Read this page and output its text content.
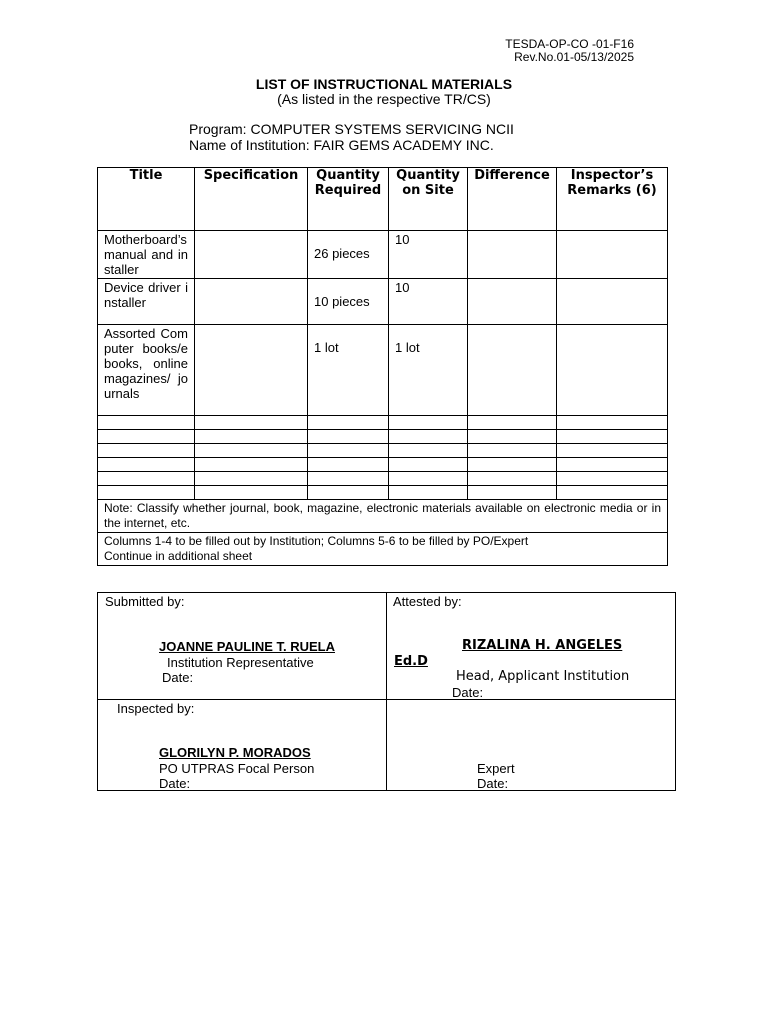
TESDA-OP-CO -01-F16
Rev.No.01-05/13/2025
LIST OF INSTRUCTIONAL MATERIALS
(As listed in the respective TR/CS)
Program: COMPUTER SYSTEMS SERVICING NCII
Name of Institution: FAIR GEMS ACADEMY INC.
Title	Specification	Quantity Required	Quantity on Site	Difference	Inspector’s Remarks (6)
Motherboard’s manual and installer		26 pieces	10		
Device driver installer		10 pieces	10		
Assorted Computer books/ebooks, online magazines/ journals		1 lot	1 lot		

Note: Classify whether journal, book, magazine, electronic materials available on electronic media or in the internet, etc.					

Columns 1-4 to be filled out by Institution; Columns 5-6 to be filled by PO/Expert
Continue in additional sheet					
Submitted by:
JOANNE PAULINE T. RUELA
Institution Representative
Date:	Attested by:
RIZALINA H. ANGELES
Ed.D
Head, Applicant Institution
Date:

Inspected by:
GLORILYN P. MORADOS
PO UTPRAS Focal Person
Date:	Expert
Date:
